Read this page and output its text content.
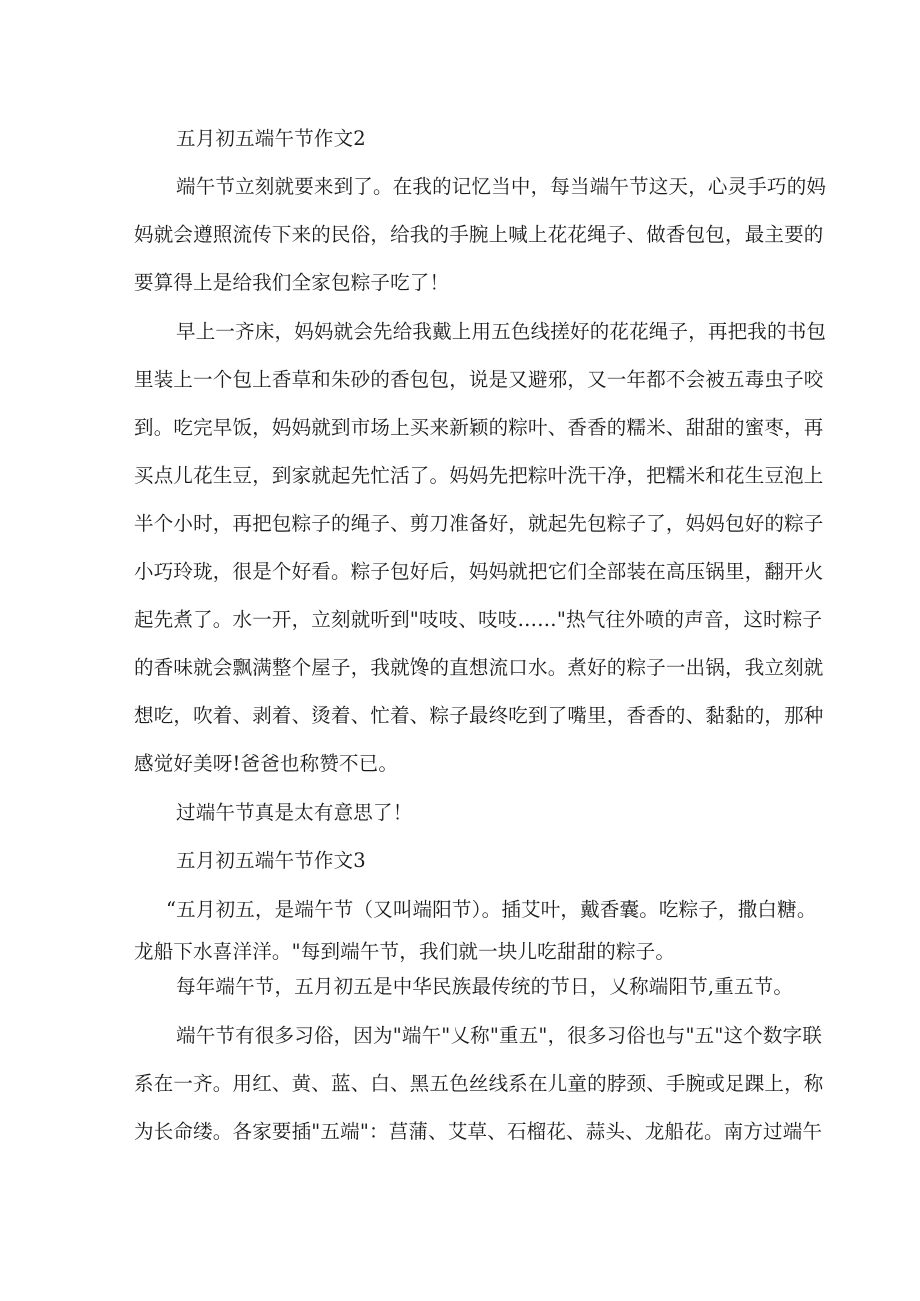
五月初五端午节作文2

端午节立刻就要来到了。在我的记忆当中，每当端午节这天，心灵手巧的妈

妈就会遵照流传下来的民俗，给我的手腕上喊上花花绳子、做香包包，最主要的

要算得上是给我们全家包粽子吃了！

早上一齐床，妈妈就会先给我戴上用五色线搓好的花花绳子，再把我的书包

里装上一个包上香草和朱砂的香包包，说是又避邪，又一年都不会被五毒虫子咬

到。吃完早饭，妈妈就到市场上买来新颖的粽叶、香香的糯米、甜甜的蜜枣，再

买点儿花生豆，到家就起先忙活了。妈妈先把粽叶洗干净，把糯米和花生豆泡上

半个小时，再把包粽子的绳子、剪刀准备好，就起先包粽子了，妈妈包好的粽子

小巧玲珑，很是个好看。粽子包好后，妈妈就把它们全部装在高压锅里，翻开火

起先煮了。水一开，立刻就听到"吱吱、吱吱……"热气往外喷的声音，这时粽子

的香味就会飘满整个屋子，我就馋的直想流口水。煮好的粽子一出锅，我立刻就

想吃，吹着、剥着、烫着、忙着、粽子最终吃到了嘴里，香香的、黏黏的，那种

感觉好美呀!爸爸也称赞不已。

过端午节真是太有意思了！

五月初五端午节作文3

“五月初五，是端午节（又叫端阳节）。插艾叶，戴香囊。吃粽子，撒白糖。

龙船下水喜洋洋。"每到端午节，我们就一块儿吃甜甜的粽子。

每年端午节，五月初五是中华民族最传统的节日，乂称端阳节,重五节。

端午节有很多习俗，因为"端午"乂称"重五"，很多习俗也与"五"这个数字联

系在一齐。用红、黄、蓝、白、黑五色丝线系在儿童的脖颈、手腕或足踝上，称

为长命缕。各家要插"五端"：莒蒲、艾草、石榴花、蒜头、龙船花。南方过端午
